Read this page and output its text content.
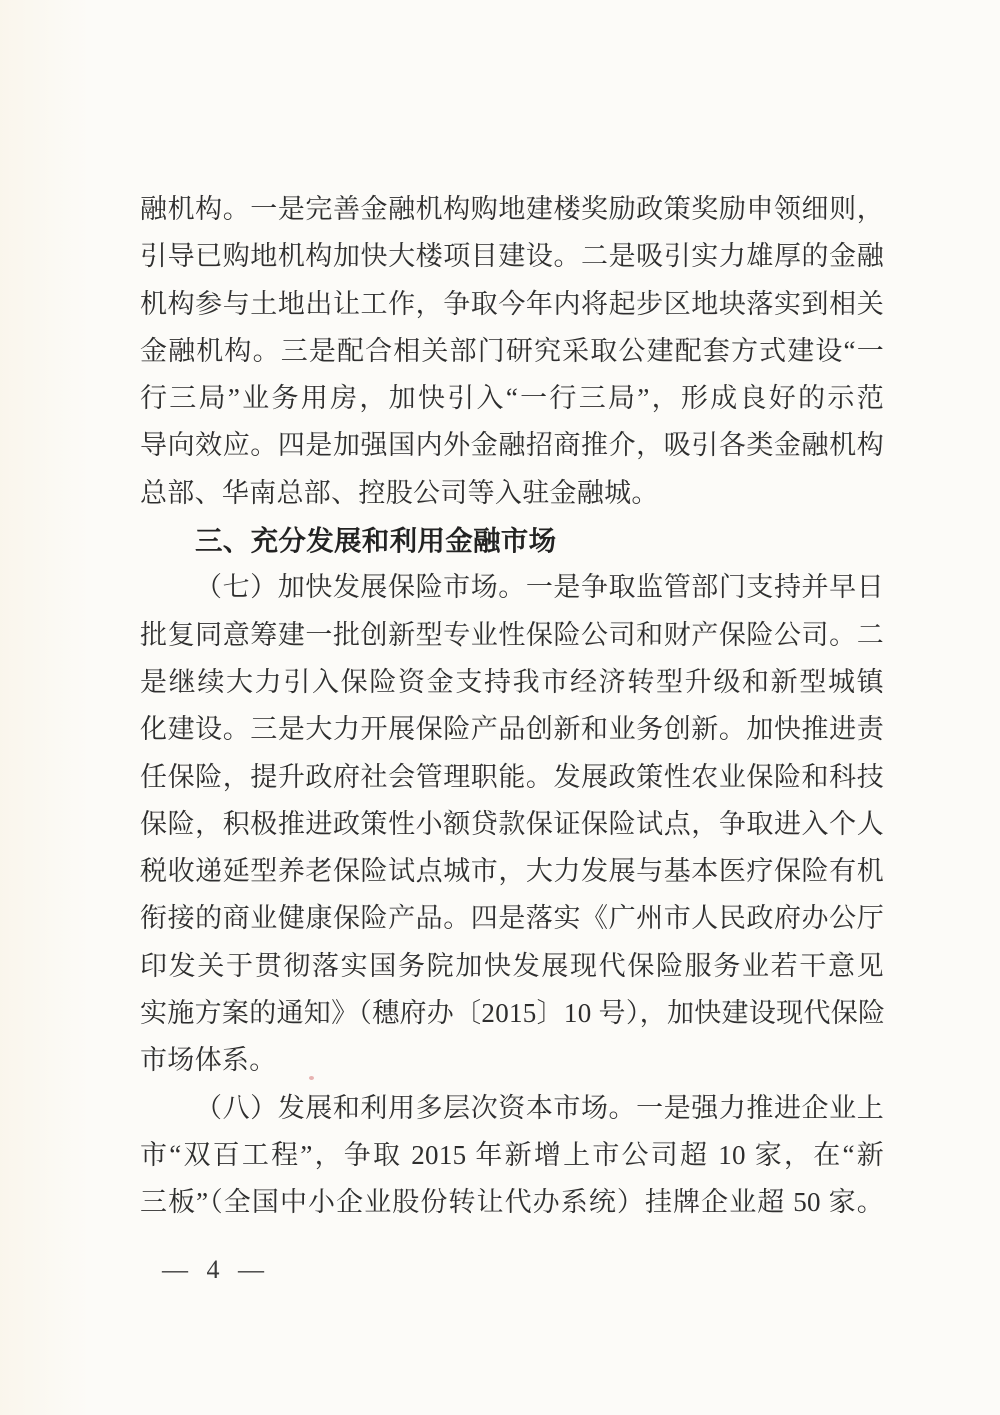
融机构。一是完善金融机构购地建楼奖励政策奖励申领细则，
引导已购地机构加快大楼项目建设。二是吸引实力雄厚的金融
机构参与土地出让工作，争取今年内将起步区地块落实到相关
金融机构。三是配合相关部门研究采取公建配套方式建设“一
行三局”业务用房，加快引入“一行三局”，形成良好的示范
导向效应。四是加强国内外金融招商推介，吸引各类金融机构
总部、华南总部、控股公司等入驻金融城。
三、充分发展和利用金融市场
（七）加快发展保险市场。一是争取监管部门支持并早日
批复同意筹建一批创新型专业性保险公司和财产保险公司。二
是继续大力引入保险资金支持我市经济转型升级和新型城镇
化建设。三是大力开展保险产品创新和业务创新。加快推进责
任保险，提升政府社会管理职能。发展政策性农业保险和科技
保险，积极推进政策性小额贷款保证保险试点，争取进入个人
税收递延型养老保险试点城市，大力发展与基本医疗保险有机
衔接的商业健康保险产品。四是落实《广州市人民政府办公厅
印发关于贯彻落实国务院加快发展现代保险服务业若干意见
实施方案的通知》（穗府办〔2015〕10 号），加快建设现代保险
市场体系。
（八）发展和利用多层次资本市场。一是强力推进企业上
市“双百工程”，争取 2015 年新增上市公司超 10 家，在“新
三板”（全国中小企业股份转让代办系统）挂牌企业超 50 家。
— 4 —
